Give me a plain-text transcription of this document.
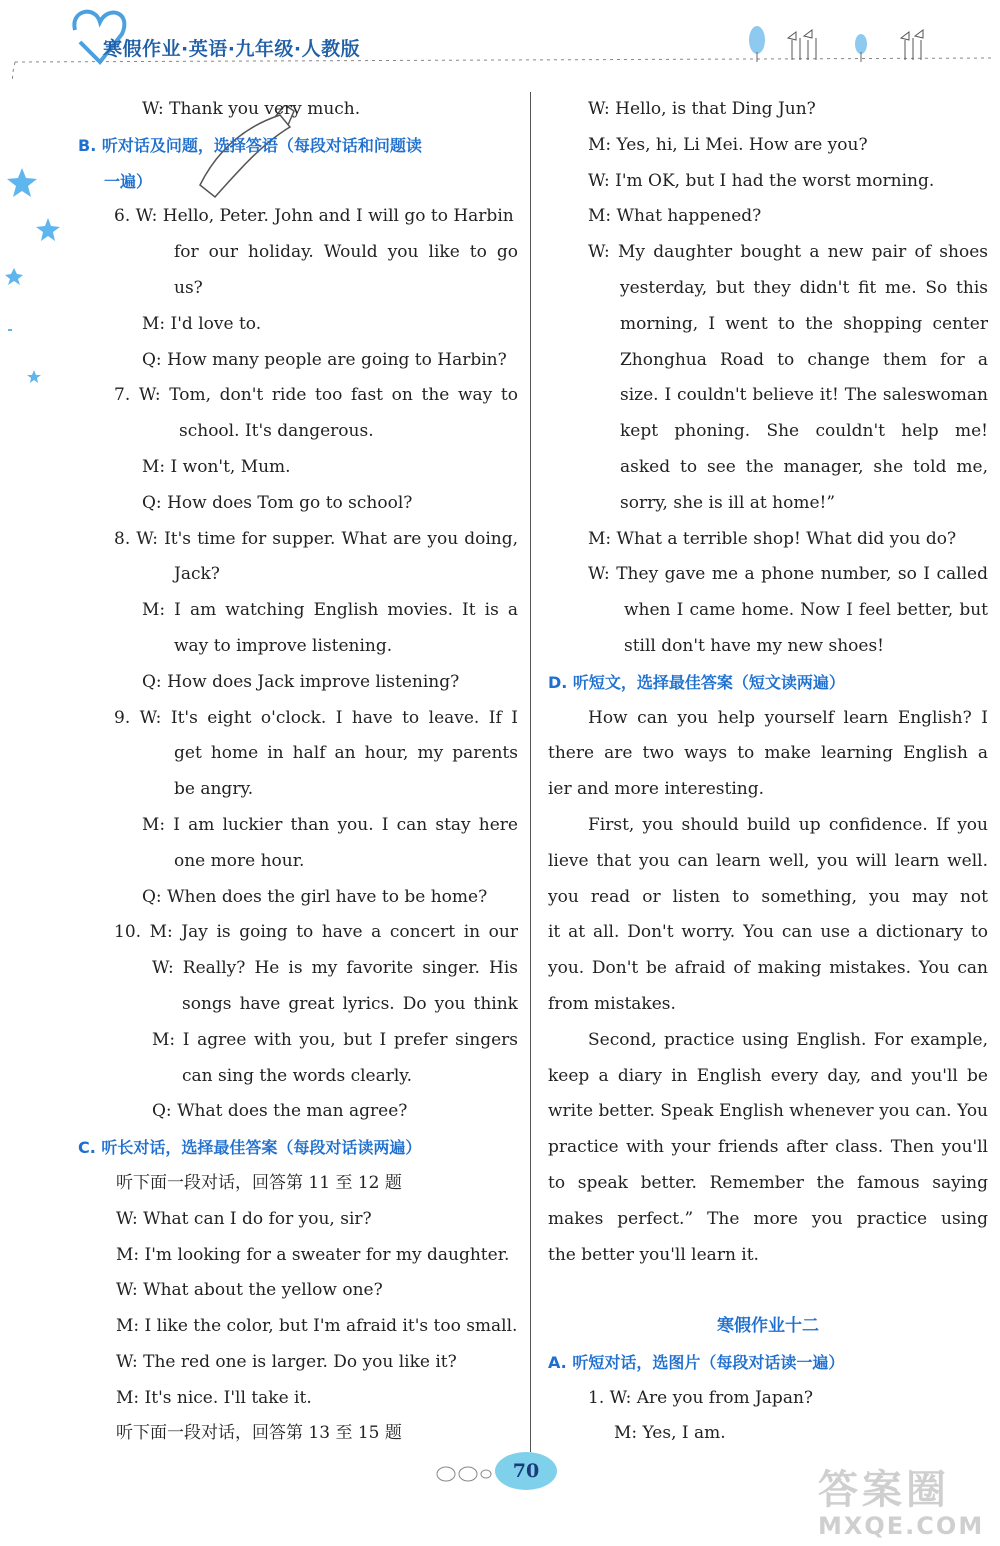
寒假作业·英语·九年级·人教版
W: Thank you very much.
B. 听对话及问题，选择答语（每段对话和问题读
一遍）
6. W: Hello, Peter. John and I will go to Harbin
for our holiday. Would you like to go
us?
M: I'd love to.
Q: How many people are going to Harbin?
7. W: Tom, don't ride too fast on the way to
school. It's dangerous.
M: I won't, Mum.
Q: How does Tom go to school?
8. W: It's time for supper. What are you doing,
Jack?
M: I am watching English movies. It is a
way to improve listening.
Q: How does Jack improve listening?
9. W: It's eight o'clock. I have to leave. If I
get home in half an hour, my parents
be angry.
M: I am luckier than you. I can stay here
one more hour.
Q: When does the girl have to be home?
10. M: Jay is going to have a concert in our
W: Really? He is my favorite singer. His
songs have great lyrics. Do you think
M: I agree with you, but I prefer singers
can sing the words clearly.
Q: What does the man agree?
C. 听长对话，选择最佳答案（每段对话读两遍）
听下面一段对话，回答第 11 至 12 题
W: What can I do for you, sir?
M: I'm looking for a sweater for my daughter.
W: What about the yellow one?
M: I like the color, but I'm afraid it's too small.
W: The red one is larger. Do you like it?
M: It's nice. I'll take it.
听下面一段对话，回答第 13 至 15 题
W: Hello, is that Ding Jun?
M: Yes, hi, Li Mei. How are you?
W: I'm OK, but I had the worst morning.
M: What happened?
W: My daughter bought a new pair of shoes
yesterday, but they didn't fit me. So this
morning, I went to the shopping center
Zhonghua Road to change them for a
size. I couldn't believe it! The saleswoman
kept phoning. She couldn't help me!
asked to see the manager, she told me,
sorry, she is ill at home!”
M: What a terrible shop! What did you do?
W: They gave me a phone number, so I called
when I came home. Now I feel better, but
still don't have my new shoes!
D. 听短文，选择最佳答案（短文读两遍）
How can you help yourself learn English? I
there are two ways to make learning English a
ier and more interesting.
First, you should build up confidence. If you
lieve that you can learn well, you will learn well.
you read or listen to something, you may not
it at all. Don't worry. You can use a dictionary to
you. Don't be afraid of making mistakes. You can
from mistakes.
Second, practice using English. For example,
keep a diary in English every day, and you'll be
write better. Speak English whenever you can. You
practice with your friends after class. Then you'll
to speak better. Remember the famous saying
makes perfect.” The more you practice using
the better you'll learn it.
寒假作业十二
A. 听短对话，选图片（每段对话读一遍）
1. W: Are you from Japan?
M: Yes, I am.
70	答案圈
MXQE.COM
